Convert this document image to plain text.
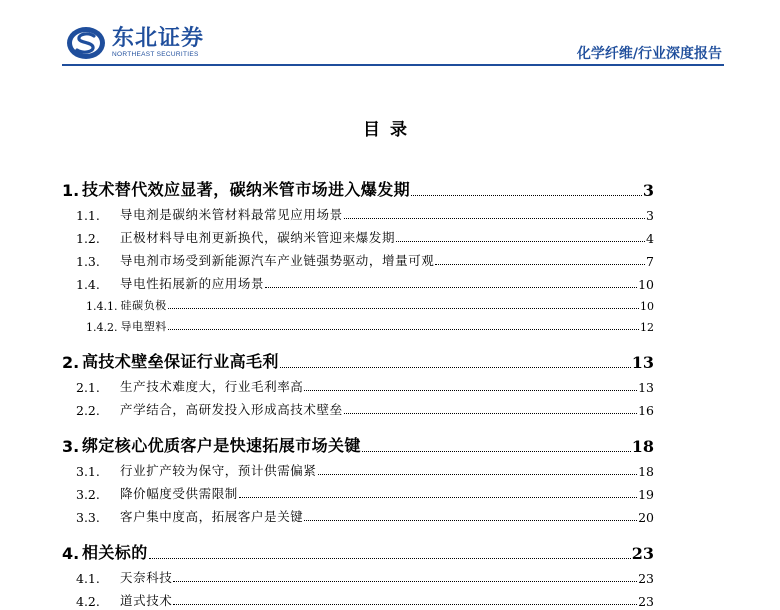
东北证券
NORTHEAST SECURITIES	化学纤维/行业深度报告
目录
1. 技术替代效应显著，碳纳米管市场进入爆发期	3
1.1.	导电剂是碳纳米管材料最常见应用场景	3
1.2.	正极材料导电剂更新换代，碳纳米管迎来爆发期	4
1.3.	导电剂市场受到新能源汽车产业链强势驱动，增量可观	7
1.4.	导电性拓展新的应用场景	10
1.4.1. 硅碳负极	10
1.4.2. 导电塑料	12
2. 高技术壁垒保证行业高毛利	13
2.1.	生产技术难度大，行业毛利率高	13
2.2.	产学结合，高研发投入形成高技术壁垒	16
3. 绑定核心优质客户是快速拓展市场关键	18
3.1.	行业扩产较为保守，预计供需偏紧	18
3.2.	降价幅度受供需限制	19
3.3.	客户集中度高，拓展客户是关键	20
4. 相关标的	23
4.1.	天奈科技	23
4.2.	道式技术	23
